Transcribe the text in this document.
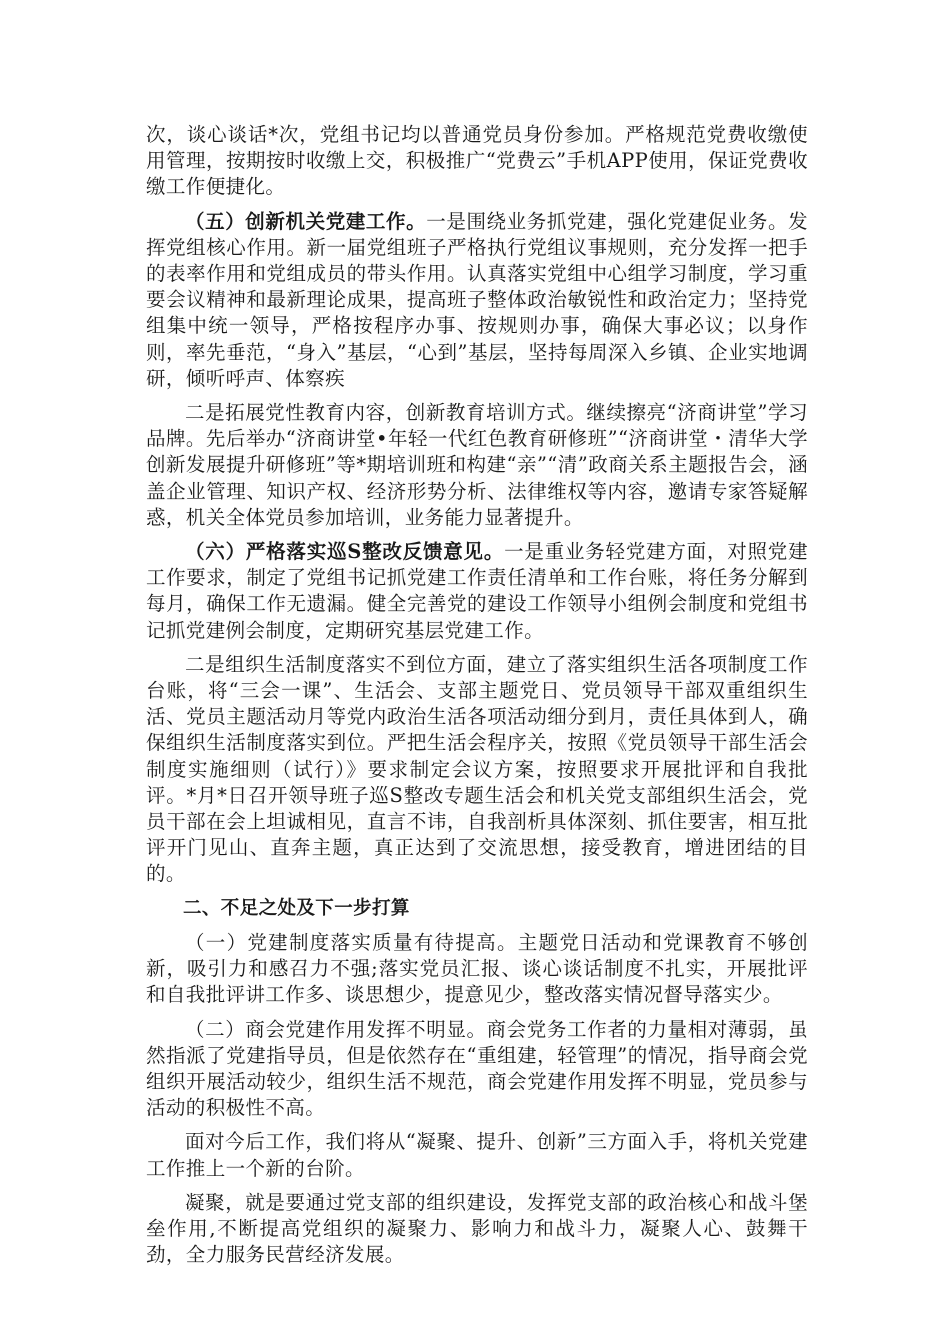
次，谈心谈话*次，党组书记均以普通党员身份参加。严格规范党费收缴使用管理，按期按时收缴上交，积极推广“党费云”手机APP使用，保证党费收缴工作便捷化。

（五）创新机关党建工作。一是围绕业务抓党建，强化党建促业务。发挥党组核心作用。新一届党组班子严格执行党组议事规则，充分发挥一把手的表率作用和党组成员的带头作用。认真落实党组中心组学习制度，学习重要会议精神和最新理论成果，提高班子整体政治敏锐性和政治定力；坚持党组集中统一领导，严格按程序办事、按规则办事，确保大事必议；以身作则，率先垂范，“身入”基层，“心到”基层，坚持每周深入乡镇、企业实地调研，倾听呼声、体察疾

二是拓展党性教育内容，创新教育培训方式。继续擦亮“济商讲堂”学习品牌。先后举办“济商讲堂•年轻一代红色教育研修班”“济商讲堂・清华大学创新发展提升研修班”等*期培训班和构建“亲”“清”政商关系主题报告会，涵盖企业管理、知识产权、经济形势分析、法律维权等内容，邀请专家答疑解惑，机关全体党员参加培训，业务能力显著提升。

（六）严格落实巡S整改反馈意见。一是重业务轻党建方面，对照党建工作要求，制定了党组书记抓党建工作责任清单和工作台账，将任务分解到每月，确保工作无遗漏。健全完善党的建设工作领导小组例会制度和党组书记抓党建例会制度，定期研究基层党建工作。

二是组织生活制度落实不到位方面，建立了落实组织生活各项制度工作台账，将“三会一课”、生活会、支部主题党日、党员领导干部双重组织生活、党员主题活动月等党内政治生活各项活动细分到月，责任具体到人，确保组织生活制度落实到位。严把生活会程序关，按照《党员领导干部生活会制度实施细则（试行）》要求制定会议方案，按照要求开展批评和自我批评。*月*日召开领导班子巡S整改专题生活会和机关党支部组织生活会，党员干部在会上坦诚相见，直言不讳，自我剖析具体深刻、抓住要害，相互批评开门见山、直奔主题，真正达到了交流思想，接受教育，增进团结的目的。

二、不足之处及下一步打算

（一）党建制度落实质量有待提高。主题党日活动和党课教育不够创新，吸引力和感召力不强;落实党员汇报、谈心谈话制度不扎实，开展批评和自我批评讲工作多、谈思想少，提意见少，整改落实情况督导落实少。

（二）商会党建作用发挥不明显。商会党务工作者的力量相对薄弱，虽然指派了党建指导员，但是依然存在“重组建，轻管理”的情况，指导商会党组织开展活动较少，组织生活不规范，商会党建作用发挥不明显，党员参与活动的积极性不高。

面对今后工作，我们将从“凝聚、提升、创新”三方面入手，将机关党建工作推上一个新的台阶。

凝聚，就是要通过党支部的组织建设，发挥党支部的政治核心和战斗堡垒作用,不断提高党组织的凝聚力、影响力和战斗力，凝聚人心、鼓舞干劲，全力服务民营经济发展。
